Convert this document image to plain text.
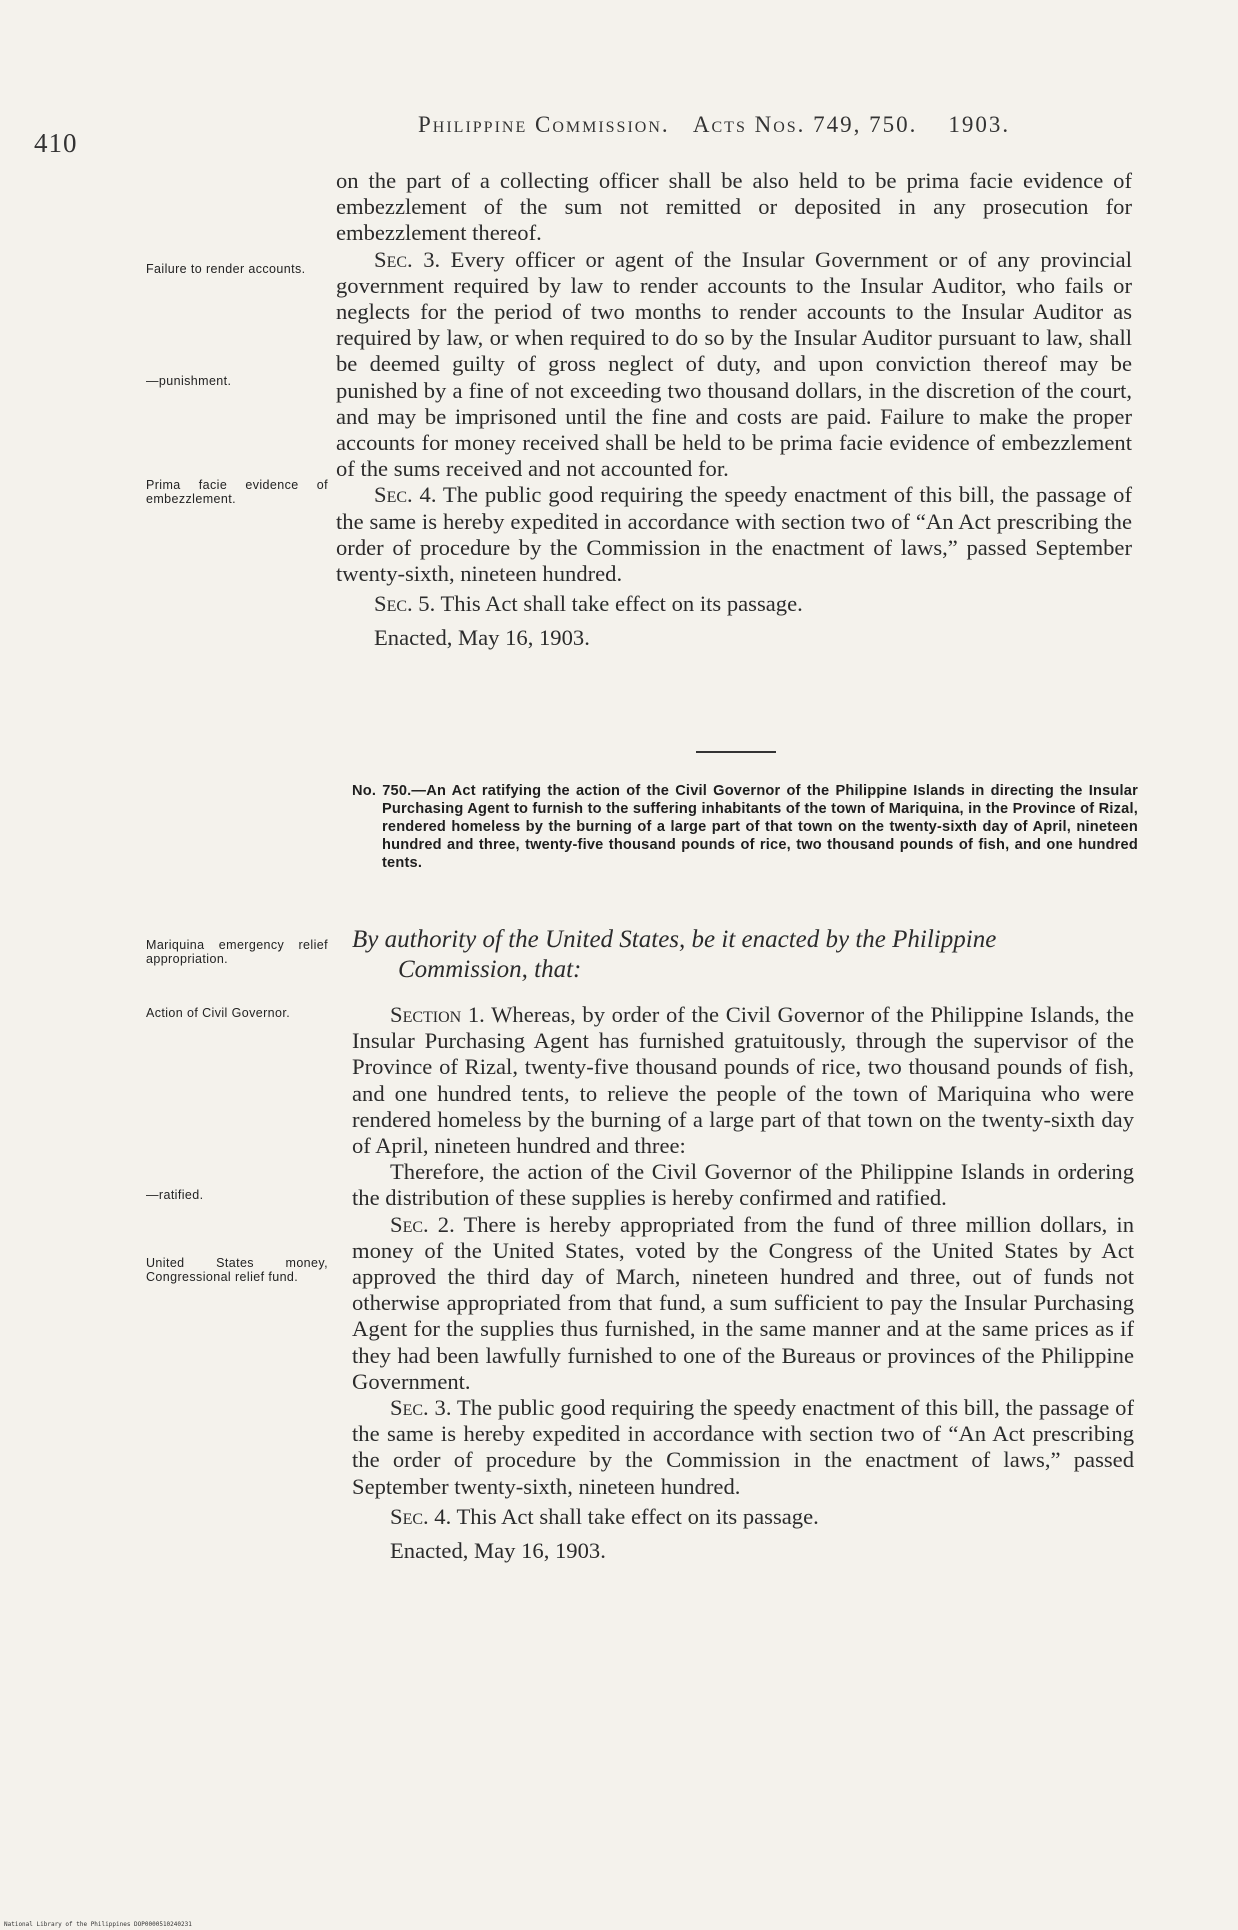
410
Philippine Commission. Acts Nos. 749, 750. 1903.

on the part of a collecting officer shall be also held to be prima facie evidence of embezzlement of the sum not remitted or deposited in any prosecution for embezzlement thereof.

Sec. 3. Every officer or agent of the Insular Government or of any provincial government required by law to render accounts to the Insular Auditor, who fails or neglects for the period of two months to render accounts to the Insular Auditor as required by law, or when required to do so by the Insular Auditor pursuant to law, shall be deemed guilty of gross neglect of duty, and upon conviction thereof may be punished by a fine of not exceeding two thousand dollars, in the discretion of the court, and may be imprisoned until the fine and costs are paid. Failure to make the proper accounts for money received shall be held to be prima facie evidence of embezzlement of the sums received and not accounted for.

Sec. 4. The public good requiring the speedy enactment of this bill, the passage of the same is hereby expedited in accordance with section two of “An Act prescribing the order of procedure by the Commission in the enactment of laws,” passed September twenty-sixth, nineteen hundred.

Sec. 5. This Act shall take effect on its passage.

Enacted, May 16, 1903.

Failure to render accounts.
—punishment.
Prima facie evidence of embezzlement.
No. 750.—An Act ratifying the action of the Civil Governor of the Philippine Islands in directing the Insular Purchasing Agent to furnish to the suffering inhabitants of the town of Mariquina, in the Province of Rizal, rendered homeless by the burning of a large part of that town on the twenty-sixth day of April, nineteen hundred and three, twenty-five thousand pounds of rice, two thousand pounds of fish, and one hundred tents.
By authority of the United States, be it enacted by the Philippine
Commission, that:

Section 1. Whereas, by order of the Civil Governor of the Philippine Islands, the Insular Purchasing Agent has furnished gratuitously, through the supervisor of the Province of Rizal, twenty-five thousand pounds of rice, two thousand pounds of fish, and one hundred tents, to relieve the people of the town of Mariquina who were rendered homeless by the burning of a large part of that town on the twenty-sixth day of April, nineteen hundred and three:

Therefore, the action of the Civil Governor of the Philippine Islands in ordering the distribution of these supplies is hereby confirmed and ratified.

Sec. 2. There is hereby appropriated from the fund of three million dollars, in money of the United States, voted by the Congress of the United States by Act approved the third day of March, nineteen hundred and three, out of funds not otherwise appropriated from that fund, a sum sufficient to pay the Insular Purchasing Agent for the supplies thus furnished, in the same manner and at the same prices as if they had been lawfully furnished to one of the Bureaus or provinces of the Philippine Government.

Sec. 3. The public good requiring the speedy enactment of this bill, the passage of the same is hereby expedited in accordance with section two of “An Act prescribing the order of procedure by the Commission in the enactment of laws,” passed September twenty-sixth, nineteen hundred.

Sec. 4. This Act shall take effect on its passage.

Enacted, May 16, 1903.

Mariquina emergency relief appropriation.
Action of Civil Governor.
—ratified.
United States money, Congressional relief fund.
National Library of the Philippines DOP0000510240231
